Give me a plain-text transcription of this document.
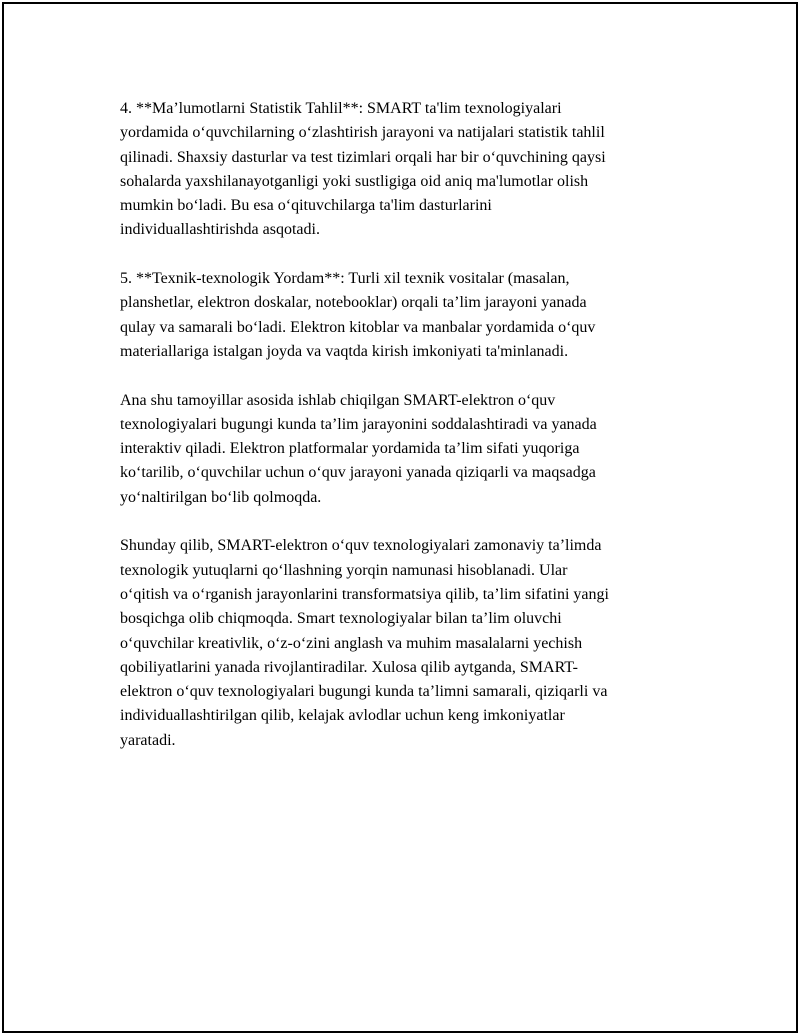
4. **Ma’lumotlarni Statistik Tahlil**: SMART ta'lim texnologiyalari
yordamida o‘quvchilarning o‘zlashtirish jarayoni va natijalari statistik tahlil
qilinadi. Shaxsiy dasturlar va test tizimlari orqali har bir o‘quvchining qaysi
sohalarda yaxshilanayotganligi yoki sustligiga oid aniq ma'lumotlar olish
mumkin bo‘ladi. Bu esa o‘qituvchilarga ta'lim dasturlarini
individuallashtirishda asqotadi.

5. **Texnik-texnologik Yordam**: Turli xil texnik vositalar (masalan,
planshetlar, elektron doskalar, notebooklar) orqali ta’lim jarayoni yanada
qulay va samarali bo‘ladi. Elektron kitoblar va manbalar yordamida o‘quv
materiallariga istalgan joyda va vaqtda kirish imkoniyati ta'minlanadi.

Ana shu tamoyillar asosida ishlab chiqilgan SMART-elektron o‘quv
texnologiyalari bugungi kunda ta’lim jarayonini soddalashtiradi va yanada
interaktiv qiladi. Elektron platformalar yordamida ta’lim sifati yuqoriga
ko‘tarilib, o‘quvchilar uchun o‘quv jarayoni yanada qiziqarli va maqsadga
yo‘naltirilgan bo‘lib qolmoqda.

Shunday qilib, SMART-elektron o‘quv texnologiyalari zamonaviy ta’limda
texnologik yutuqlarni qo‘llashning yorqin namunasi hisoblanadi. Ular
o‘qitish va o‘rganish jarayonlarini transformatsiya qilib, ta’lim sifatini yangi
bosqichga olib chiqmoqda. Smart texnologiyalar bilan ta’lim oluvchi
o‘quvchilar kreativlik, o‘z-o‘zini anglash va muhim masalalarni yechish
qobiliyatlarini yanada rivojlantiradilar. Xulosa qilib aytganda, SMART-
elektron o‘quv texnologiyalari bugungi kunda ta’limni samarali, qiziqarli va
individuallashtirilgan qilib, kelajak avlodlar uchun keng imkoniyatlar
yaratadi.
